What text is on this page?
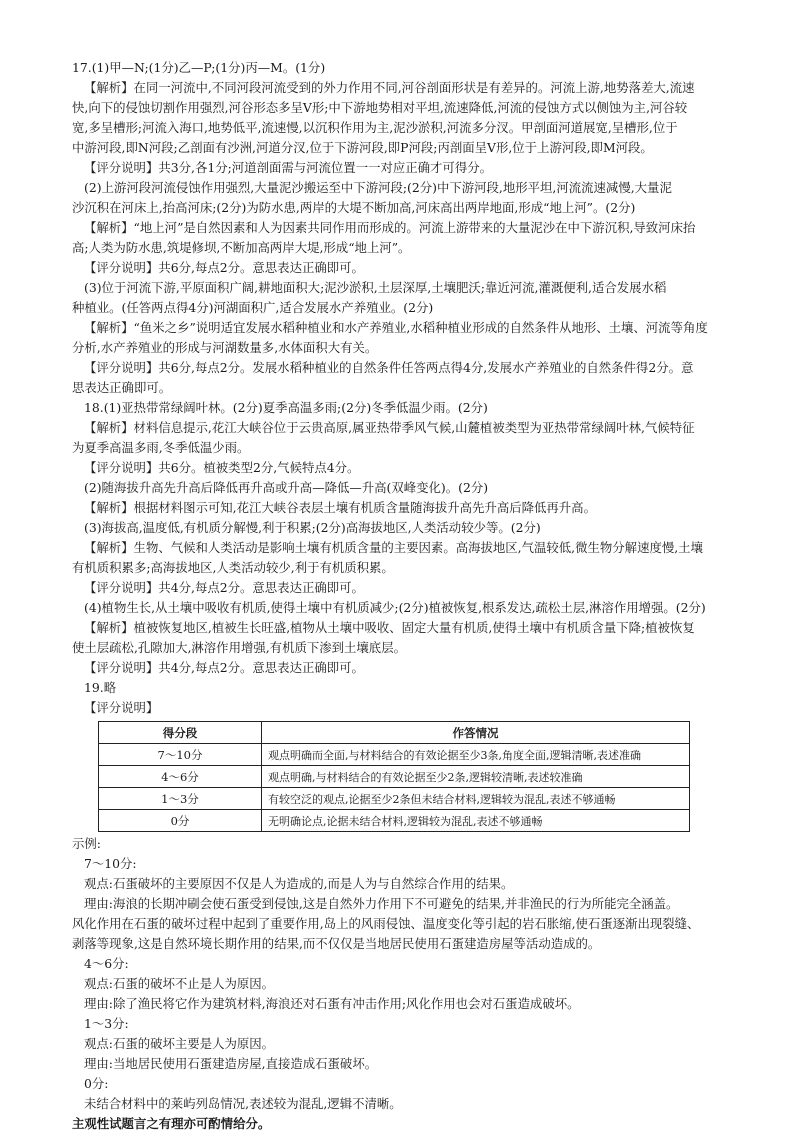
17.(1)甲—N;(1分)乙—P;(1分)丙—M。(1分)
【解析】在同一河流中,不同河段河流受到的外力作用不同,河谷剖面形状是有差异的。河流上游,地势落差大,流速
快,向下的侵蚀切割作用强烈,河谷形态多呈V形;中下游地势相对平坦,流速降低,河流的侵蚀方式以侧蚀为主,河谷较
宽,多呈槽形;河流入海口,地势低平,流速慢,以沉积作用为主,泥沙淤积,河流多分汊。甲剖面河道展宽,呈槽形,位于
中游河段,即N河段;乙剖面有沙洲,河道分汊,位于下游河段,即P河段;丙剖面呈V形,位于上游河段,即M河段。
【评分说明】共3分,各1分;河道剖面需与河流位置一一对应正确才可得分。
(2)上游河段河流侵蚀作用强烈,大量泥沙搬运至中下游河段;(2分)中下游河段,地形平坦,河流流速减慢,大量泥
沙沉积在河床上,抬高河床;(2分)为防水患,两岸的大堤不断加高,河床高出两岸地面,形成“地上河”。(2分)
【解析】“地上河”是自然因素和人为因素共同作用而形成的。河流上游带来的大量泥沙在中下游沉积,导致河床抬
高;人类为防水患,筑堤修坝,不断加高两岸大堤,形成“地上河”。
【评分说明】共6分,每点2分。意思表达正确即可。
(3)位于河流下游,平原面积广阔,耕地面积大;泥沙淤积,土层深厚,土壤肥沃;靠近河流,灌溉便利,适合发展水稻
种植业。(任答两点得4分)河湖面积广,适合发展水产养殖业。(2分)
【解析】“鱼米之乡”说明适宜发展水稻种植业和水产养殖业,水稻种植业形成的自然条件从地形、土壤、河流等角度
分析,水产养殖业的形成与河湖数量多,水体面积大有关。
【评分说明】共6分,每点2分。发展水稻种植业的自然条件任答两点得4分,发展水产养殖业的自然条件得2分。意
思表达正确即可。
18.(1)亚热带常绿阔叶林。(2分)夏季高温多雨;(2分)冬季低温少雨。(2分)
【解析】材料信息提示,花江大峡谷位于云贵高原,属亚热带季风气候,山麓植被类型为亚热带常绿阔叶林,气候特征
为夏季高温多雨,冬季低温少雨。
【评分说明】共6分。植被类型2分,气候特点4分。
(2)随海拔升高先升高后降低再升高或升高—降低—升高(双峰变化)。(2分)
【解析】根据材料图示可知,花江大峡谷表层土壤有机质含量随海拔升高先升高后降低再升高。
(3)海拔高,温度低,有机质分解慢,利于积累;(2分)高海拔地区,人类活动较少等。(2分)
【解析】生物、气候和人类活动是影响土壤有机质含量的主要因素。高海拔地区,气温较低,微生物分解速度慢,土壤
有机质积累多;高海拔地区,人类活动较少,利于有机质积累。
【评分说明】共4分,每点2分。意思表达正确即可。
(4)植物生长,从土壤中吸收有机质,使得土壤中有机质减少;(2分)植被恢复,根系发达,疏松土层,淋溶作用增强。(2分)
【解析】植被恢复地区,植被生长旺盛,植物从土壤中吸收、固定大量有机质,使得土壤中有机质含量下降;植被恢复
使土层疏松,孔隙加大,淋溶作用增强,有机质下渗到土壤底层。
【评分说明】共4分,每点2分。意思表达正确即可。
19.略
【评分说明】
得分段	作答情况
7～10分	观点明确而全面,与材料结合的有效论据至少3条,角度全面,逻辑清晰,表述准确
4～6分	观点明确,与材料结合的有效论据至少2条,逻辑较清晰,表述较准确
1～3分	有较空泛的观点,论据至少2条但未结合材料,逻辑较为混乱,表述不够通畅
0分	无明确论点,论据未结合材料,逻辑较为混乱,表述不够通畅
示例:
7～10分:
观点:石蛋破坏的主要原因不仅是人为造成的,而是人为与自然综合作用的结果。
理由:海浪的长期冲刷会使石蛋受到侵蚀,这是自然外力作用下不可避免的结果,并非渔民的行为所能完全涵盖。
风化作用在石蛋的破坏过程中起到了重要作用,岛上的风雨侵蚀、温度变化等引起的岩石胀缩,使石蛋逐渐出现裂缝、
剥落等现象,这是自然环境长期作用的结果,而不仅仅是当地居民使用石蛋建造房屋等活动造成的。
4～6分:
观点:石蛋的破坏不止是人为原因。
理由:除了渔民将它作为建筑材料,海浪还对石蛋有冲击作用;风化作用也会对石蛋造成破坏。
1～3分:
观点:石蛋的破坏主要是人为原因。
理由:当地居民使用石蛋建造房屋,直接造成石蛋破坏。
0分:
未结合材料中的莱屿列岛情况,表述较为混乱,逻辑不清晰。
主观性试题言之有理亦可酌情给分。
